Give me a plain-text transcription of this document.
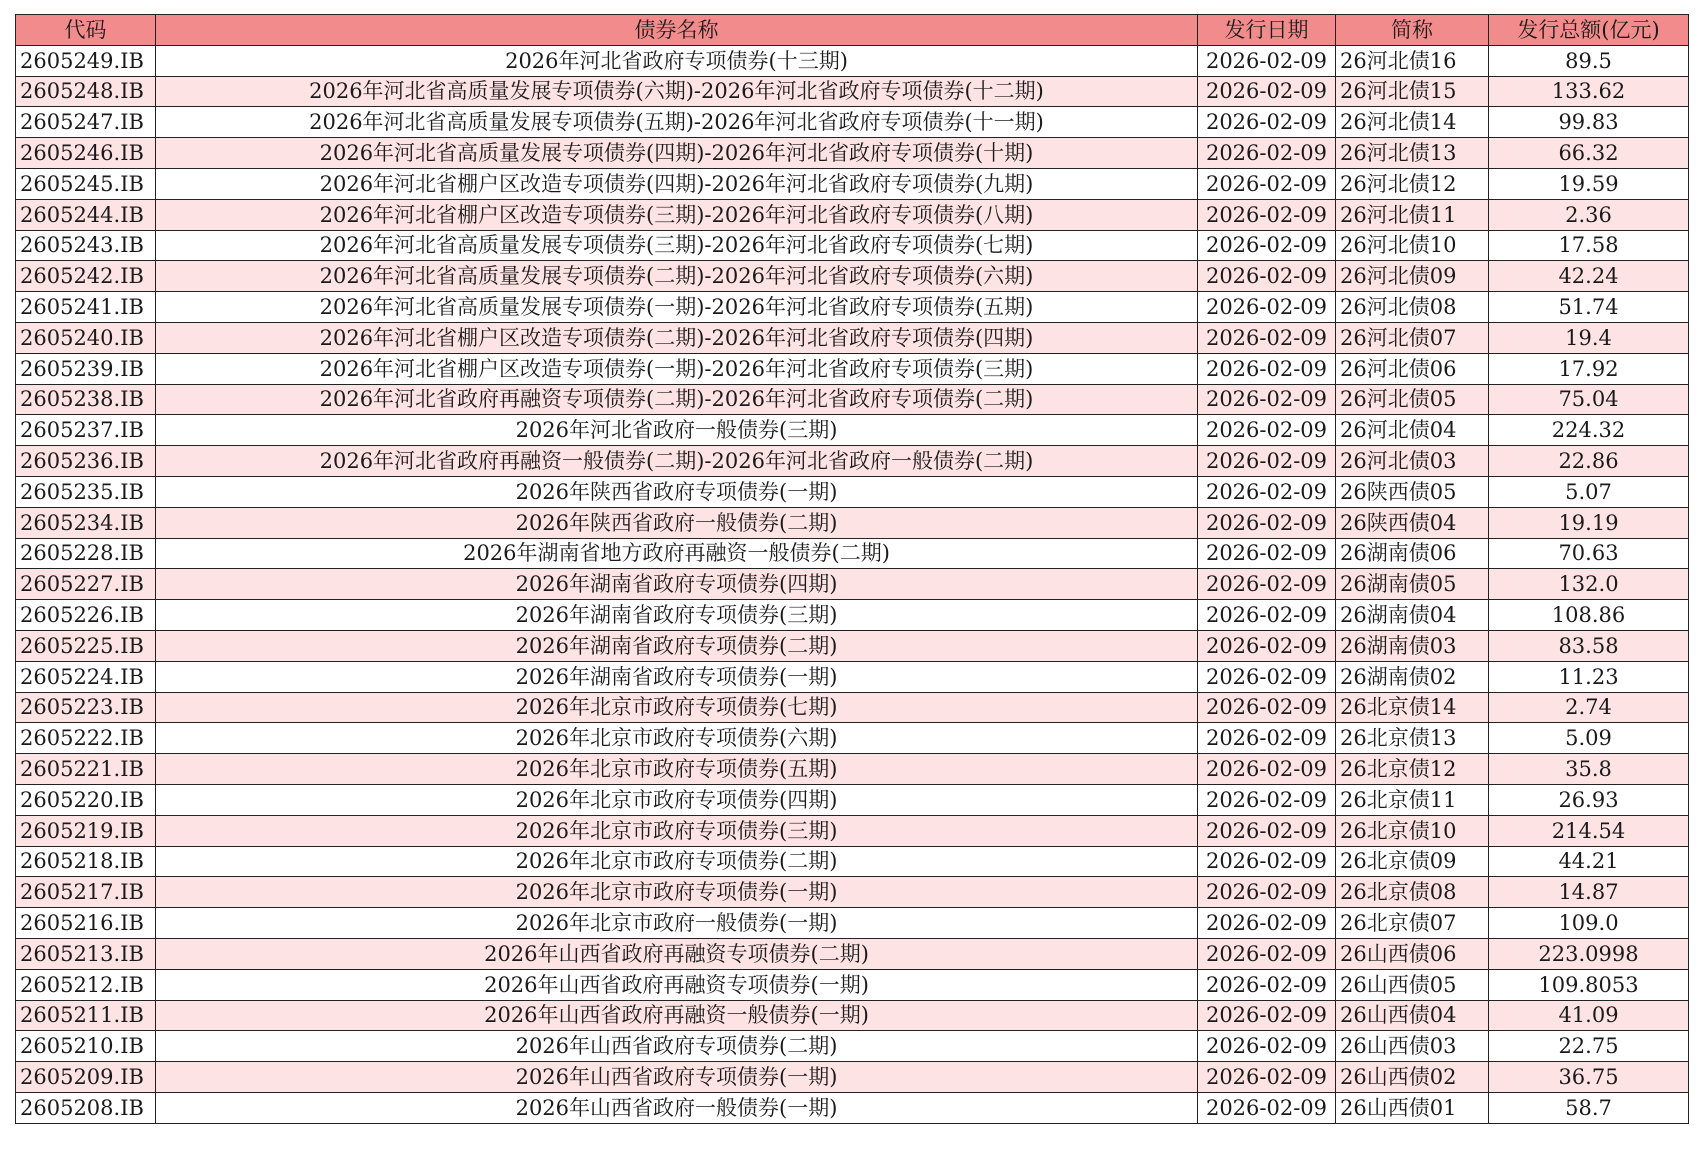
代码	债券名称	发行日期	简称	发行总额(亿元)
2605249.IB	2026年河北省政府专项债券(十三期)	2026-02-09	26河北债16	89.5
2605248.IB	2026年河北省高质量发展专项债券(六期)-2026年河北省政府专项债券(十二期)	2026-02-09	26河北债15	133.62
2605247.IB	2026年河北省高质量发展专项债券(五期)-2026年河北省政府专项债券(十一期)	2026-02-09	26河北债14	99.83
2605246.IB	2026年河北省高质量发展专项债券(四期)-2026年河北省政府专项债券(十期)	2026-02-09	26河北债13	66.32
2605245.IB	2026年河北省棚户区改造专项债券(四期)-2026年河北省政府专项债券(九期)	2026-02-09	26河北债12	19.59
2605244.IB	2026年河北省棚户区改造专项债券(三期)-2026年河北省政府专项债券(八期)	2026-02-09	26河北债11	2.36
2605243.IB	2026年河北省高质量发展专项债券(三期)-2026年河北省政府专项债券(七期)	2026-02-09	26河北债10	17.58
2605242.IB	2026年河北省高质量发展专项债券(二期)-2026年河北省政府专项债券(六期)	2026-02-09	26河北债09	42.24
2605241.IB	2026年河北省高质量发展专项债券(一期)-2026年河北省政府专项债券(五期)	2026-02-09	26河北债08	51.74
2605240.IB	2026年河北省棚户区改造专项债券(二期)-2026年河北省政府专项债券(四期)	2026-02-09	26河北债07	19.4
2605239.IB	2026年河北省棚户区改造专项债券(一期)-2026年河北省政府专项债券(三期)	2026-02-09	26河北债06	17.92
2605238.IB	2026年河北省政府再融资专项债券(二期)-2026年河北省政府专项债券(二期)	2026-02-09	26河北债05	75.04
2605237.IB	2026年河北省政府一般债券(三期)	2026-02-09	26河北债04	224.32
2605236.IB	2026年河北省政府再融资一般债券(二期)-2026年河北省政府一般债券(二期)	2026-02-09	26河北债03	22.86
2605235.IB	2026年陕西省政府专项债券(一期)	2026-02-09	26陕西债05	5.07
2605234.IB	2026年陕西省政府一般债券(二期)	2026-02-09	26陕西债04	19.19
2605228.IB	2026年湖南省地方政府再融资一般债券(二期)	2026-02-09	26湖南债06	70.63
2605227.IB	2026年湖南省政府专项债券(四期)	2026-02-09	26湖南债05	132.0
2605226.IB	2026年湖南省政府专项债券(三期)	2026-02-09	26湖南债04	108.86
2605225.IB	2026年湖南省政府专项债券(二期)	2026-02-09	26湖南债03	83.58
2605224.IB	2026年湖南省政府专项债券(一期)	2026-02-09	26湖南债02	11.23
2605223.IB	2026年北京市政府专项债券(七期)	2026-02-09	26北京债14	2.74
2605222.IB	2026年北京市政府专项债券(六期)	2026-02-09	26北京债13	5.09
2605221.IB	2026年北京市政府专项债券(五期)	2026-02-09	26北京债12	35.8
2605220.IB	2026年北京市政府专项债券(四期)	2026-02-09	26北京债11	26.93
2605219.IB	2026年北京市政府专项债券(三期)	2026-02-09	26北京债10	214.54
2605218.IB	2026年北京市政府专项债券(二期)	2026-02-09	26北京债09	44.21
2605217.IB	2026年北京市政府专项债券(一期)	2026-02-09	26北京债08	14.87
2605216.IB	2026年北京市政府一般债券(一期)	2026-02-09	26北京债07	109.0
2605213.IB	2026年山西省政府再融资专项债券(二期)	2026-02-09	26山西债06	223.0998
2605212.IB	2026年山西省政府再融资专项债券(一期)	2026-02-09	26山西债05	109.8053
2605211.IB	2026年山西省政府再融资一般债券(一期)	2026-02-09	26山西债04	41.09
2605210.IB	2026年山西省政府专项债券(二期)	2026-02-09	26山西债03	22.75
2605209.IB	2026年山西省政府专项债券(一期)	2026-02-09	26山西债02	36.75
2605208.IB	2026年山西省政府一般债券(一期)	2026-02-09	26山西债01	58.7
